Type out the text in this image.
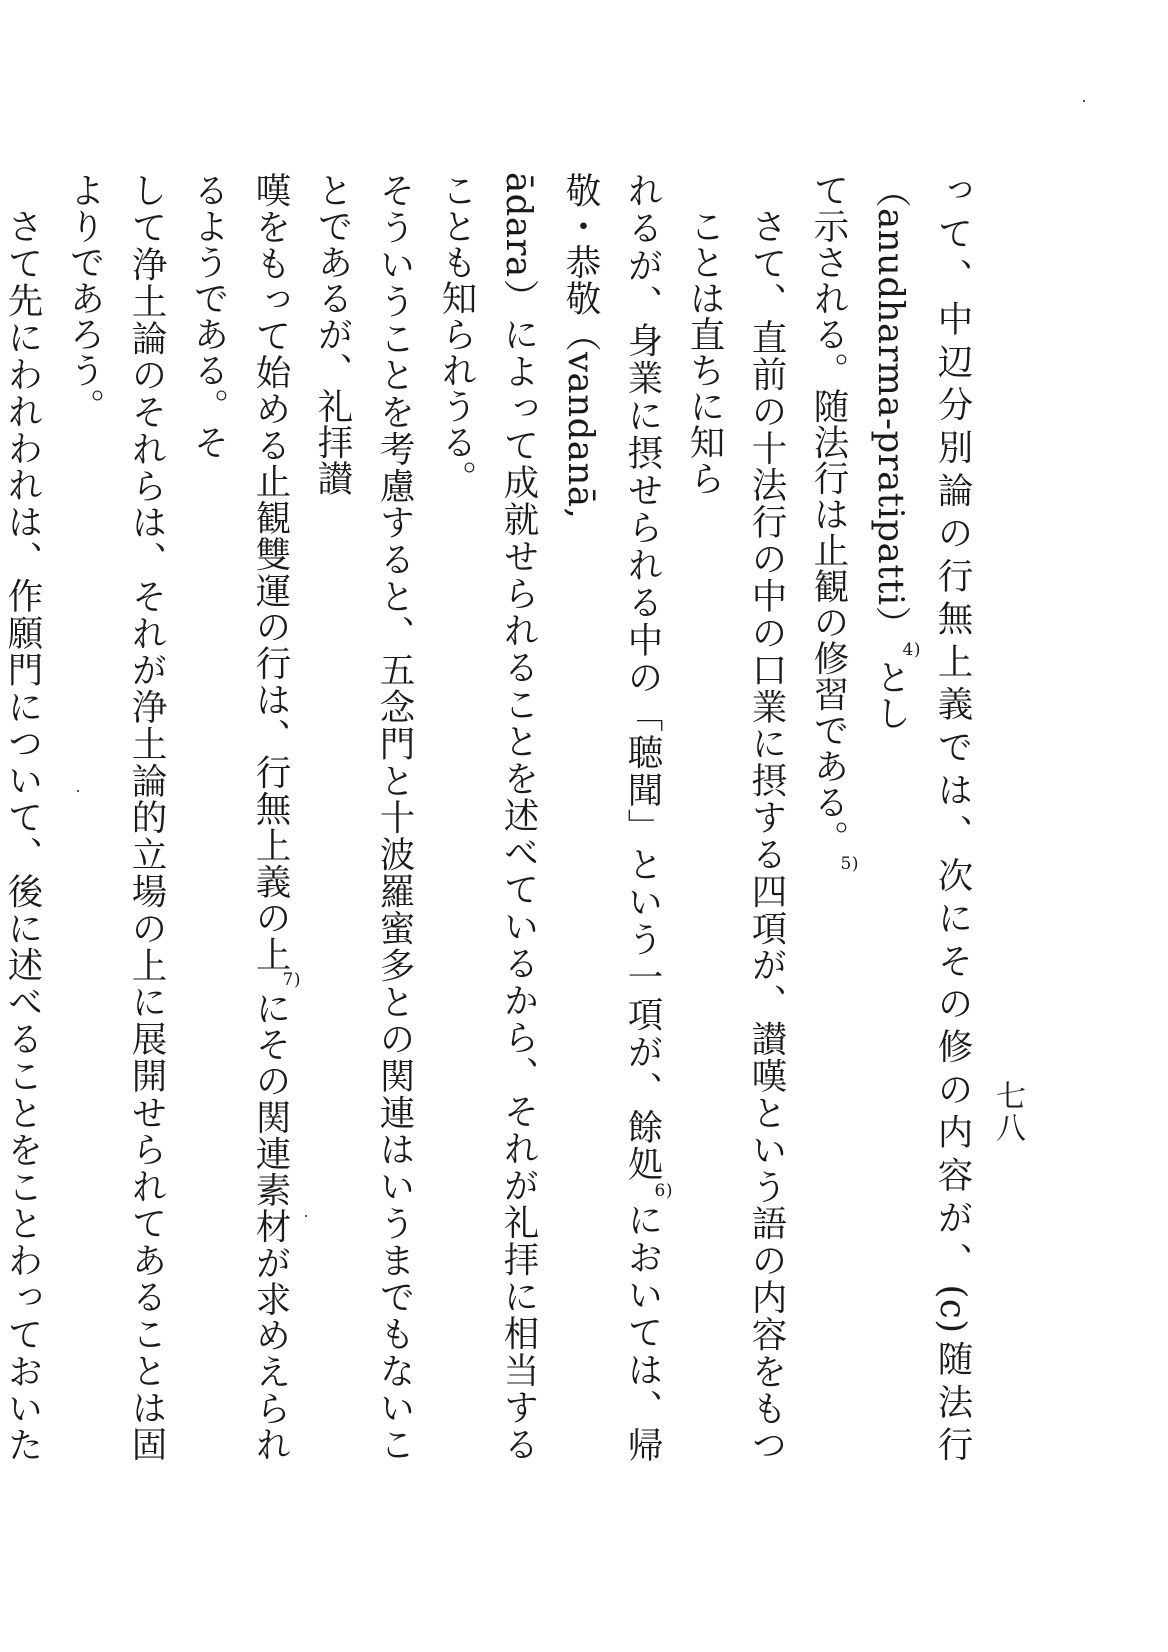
七八
って、中辺分別論の行無上義では、次にその修の内容が、(c)随法行（anudharma-pratipatti）4)とし
て示される。随法行は止観の修習である。5)
さて、直前の十法行の中の口業に摂する四項が、讃嘆という語の内容をもつことは直ちに知ら
れるが、身業に摂せられる中の「聴聞」という一項が、餘処6)においては、帰敬・恭敬（vandanā,
ādara）によって成就せられることを述べているから、それが礼拝に相当することも知られうる。
そういうことを考慮すると、五念門と十波羅蜜多との関連はいうまでもないことであるが、礼拝讃
嘆をもって始める止観雙運の行は、行無上義の上7)にその関連素材が求めえられるようである。そ
して浄土論のそれらは、それが浄土論的立場の上に展開せられてあることは固よりであろう。
さて先にわれわれは、作願門について、後に述べることをことわっておいた
